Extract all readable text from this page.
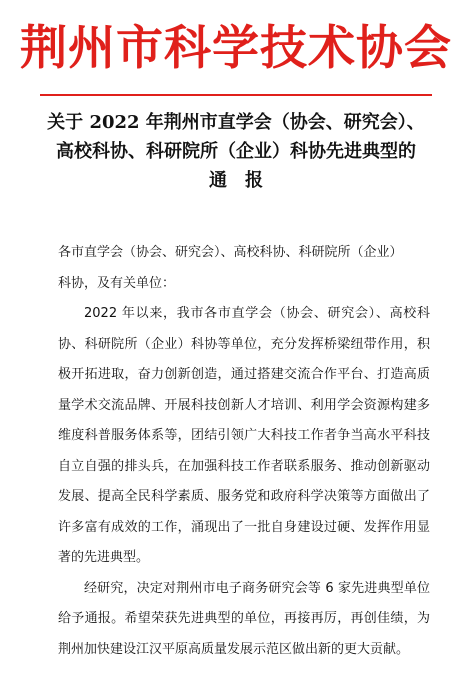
荆州市科学技术协会
关于 2022 年荆州市直学会（协会、研究会）、
高校科协、科研院所（企业）科协先进典型的
通报

各市直学会（协会、研究会）、高校科协、科研院所（企业）

科协，及有关单位：

2022 年以来，我市各市直学会（协会、研究会）、高校科协、科研院所（企业）科协等单位，充分发挥桥梁纽带作用，积极开拓进取，奋力创新创造，通过搭建交流合作平台、打造高质量学术交流品牌、开展科技创新人才培训、利用学会资源构建多维度科普服务体系等，团结引领广大科技工作者争当高水平科技自立自强的排头兵，在加强科技工作者联系服务、推动创新驱动发展、提高全民科学素质、服务党和政府科学决策等方面做出了许多富有成效的工作，涌现出了一批自身建设过硬、发挥作用显著的先进典型。

经研究，决定对荆州市电子商务研究会等 6 家先进典型单位给予通报。希望荣获先进典型的单位，再接再厉，再创佳绩，为荆州加快建设江汉平原高质量发展示范区做出新的更大贡献。
